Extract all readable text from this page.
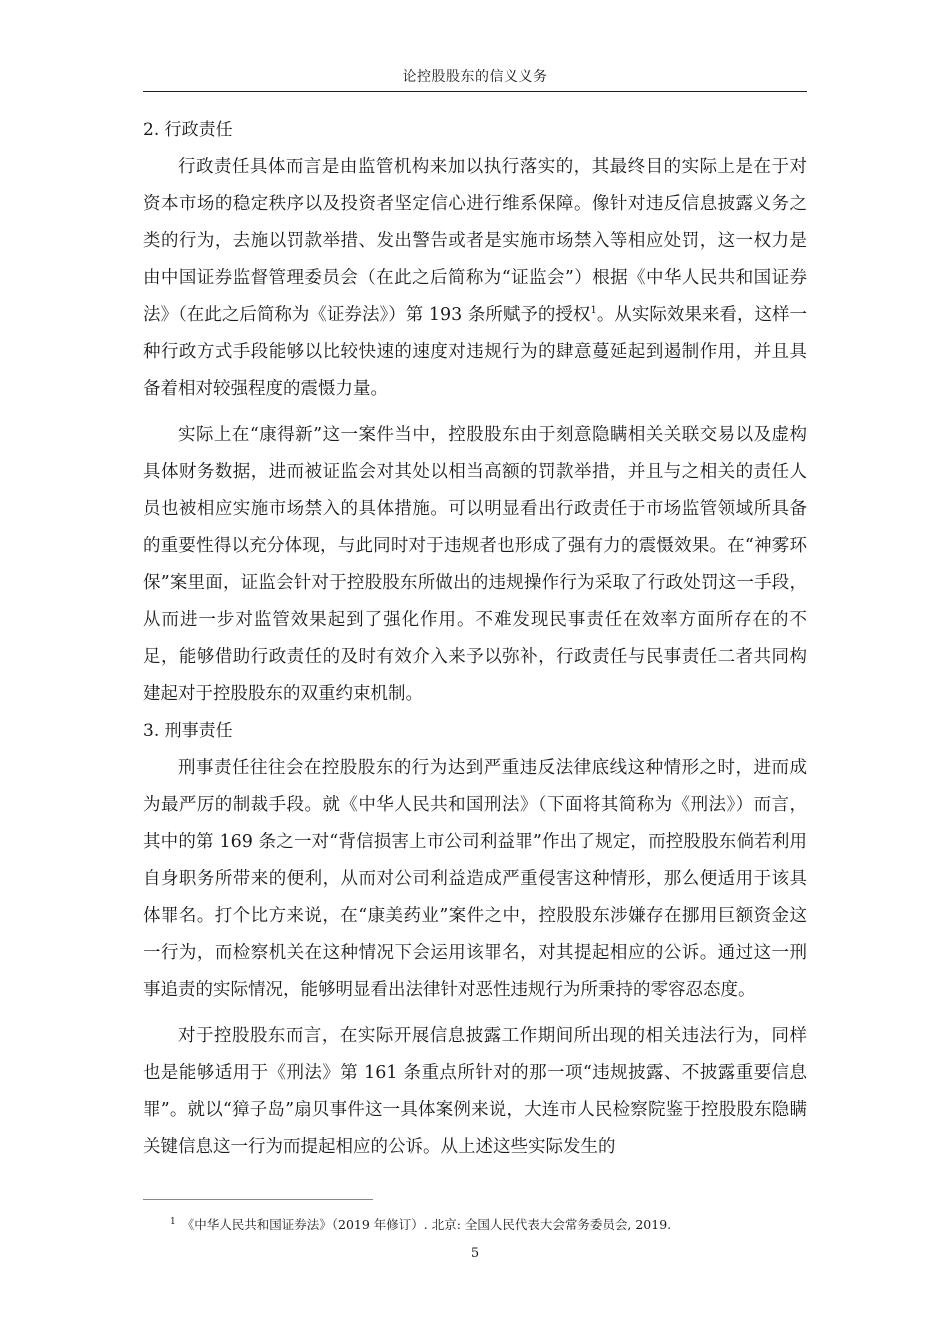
论控股股东的信义义务
2. 行政责任

行政责任具体而言是由监管机构来加以执行落实的，其最终目的实际上是在于对资本市场的稳定秩序以及投资者坚定信心进行维系保障。像针对违反信息披露义务之类的行为，去施以罚款举措、发出警告或者是实施市场禁入等相应处罚，这一权力是由中国证券监督管理委员会（在此之后简称为“证监会”）根据《中华人民共和国证券法》（在此之后简称为《证券法》）第 193 条所赋予的授权$^1$。从实际效果来看，这样一种行政方式手段能够以比较快速的速度对违规行为的肆意蔓延起到遏制作用，并且具备着相对较强程度的震慑力量。

实际上在“康得新”这一案件当中，控股股东由于刻意隐瞒相关关联交易以及虚构具体财务数据，进而被证监会对其处以相当高额的罚款举措，并且与之相关的责任人员也被相应实施市场禁入的具体措施。可以明显看出行政责任于市场监管领域所具备的重要性得以充分体现，与此同时对于违规者也形成了强有力的震慑效果。在“神雾环保”案里面，证监会针对于控股股东所做出的违规操作行为采取了行政处罚这一手段，从而进一步对监管效果起到了强化作用。不难发现民事责任在效率方面所存在的不足，能够借助行政责任的及时有效介入来予以弥补，行政责任与民事责任二者共同构建起对于控股股东的双重约束机制。

3. 刑事责任

刑事责任往往会在控股股东的行为达到严重违反法律底线这种情形之时，进而成为最严厉的制裁手段。就《中华人民共和国刑法》（下面将其简称为《刑法》）而言，其中的第 169 条之一对“背信损害上市公司利益罪”作出了规定，而控股股东倘若利用自身职务所带来的便利，从而对公司利益造成严重侵害这种情形，那么便适用于该具体罪名。打个比方来说，在“康美药业”案件之中，控股股东涉嫌存在挪用巨额资金这一行为，而检察机关在这种情况下会运用该罪名，对其提起相应的公诉。通过这一刑事追责的实际情况，能够明显看出法律针对恶性违规行为所秉持的零容忍态度。

对于控股股东而言，在实际开展信息披露工作期间所出现的相关违法行为，同样也是能够适用于《刑法》第 161 条重点所针对的那一项“违规披露、不披露重要信息罪”。就以“獐子岛”扇贝事件这一具体案例来说，大连市人民检察院鉴于控股股东隐瞒关键信息这一行为而提起相应的公诉。从上述这些实际发生的

$^1$ 《中华人民共和国证券法》（2019 年修订）. 北京: 全国人民代表大会常务委员会, 2019.
5
